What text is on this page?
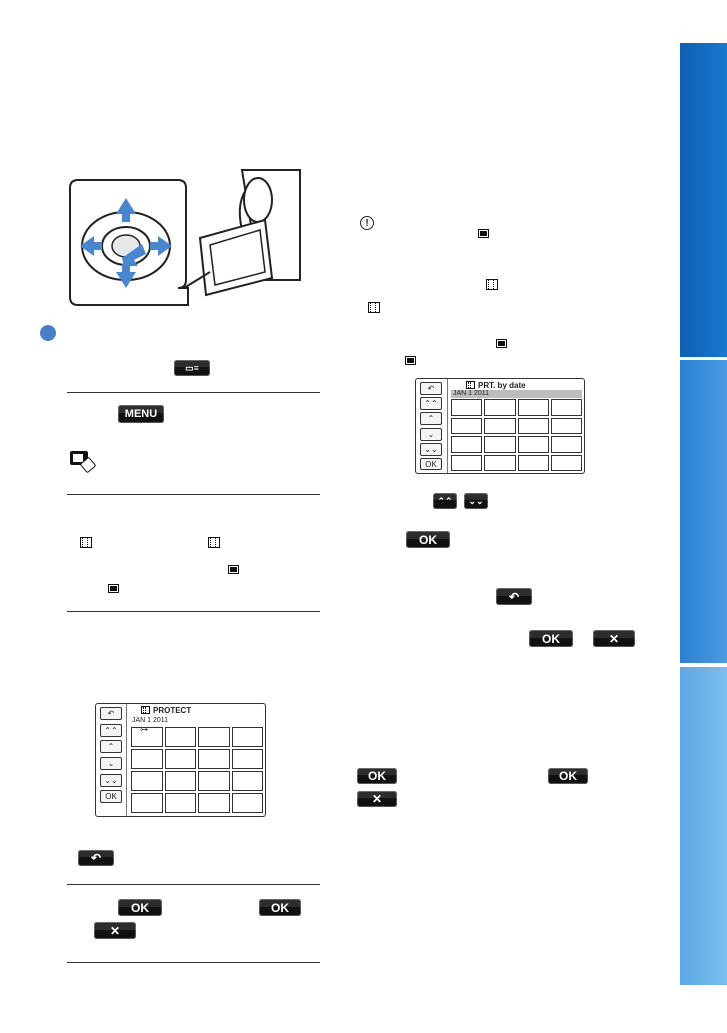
▭≡
MENU
↶
⌃⌃
⌃
⌄
⌄⌄
OK
PROTECT
JAN 1 2011
⊶
↶
OK	OK
✕
!
↶
⌃⌃
⌃
⌄
⌄⌄
OK
PRT. by date
JAN 1 2011
⌃⌃ ⌄⌄
OK
↶
OK	✕
OK	OK
✕
